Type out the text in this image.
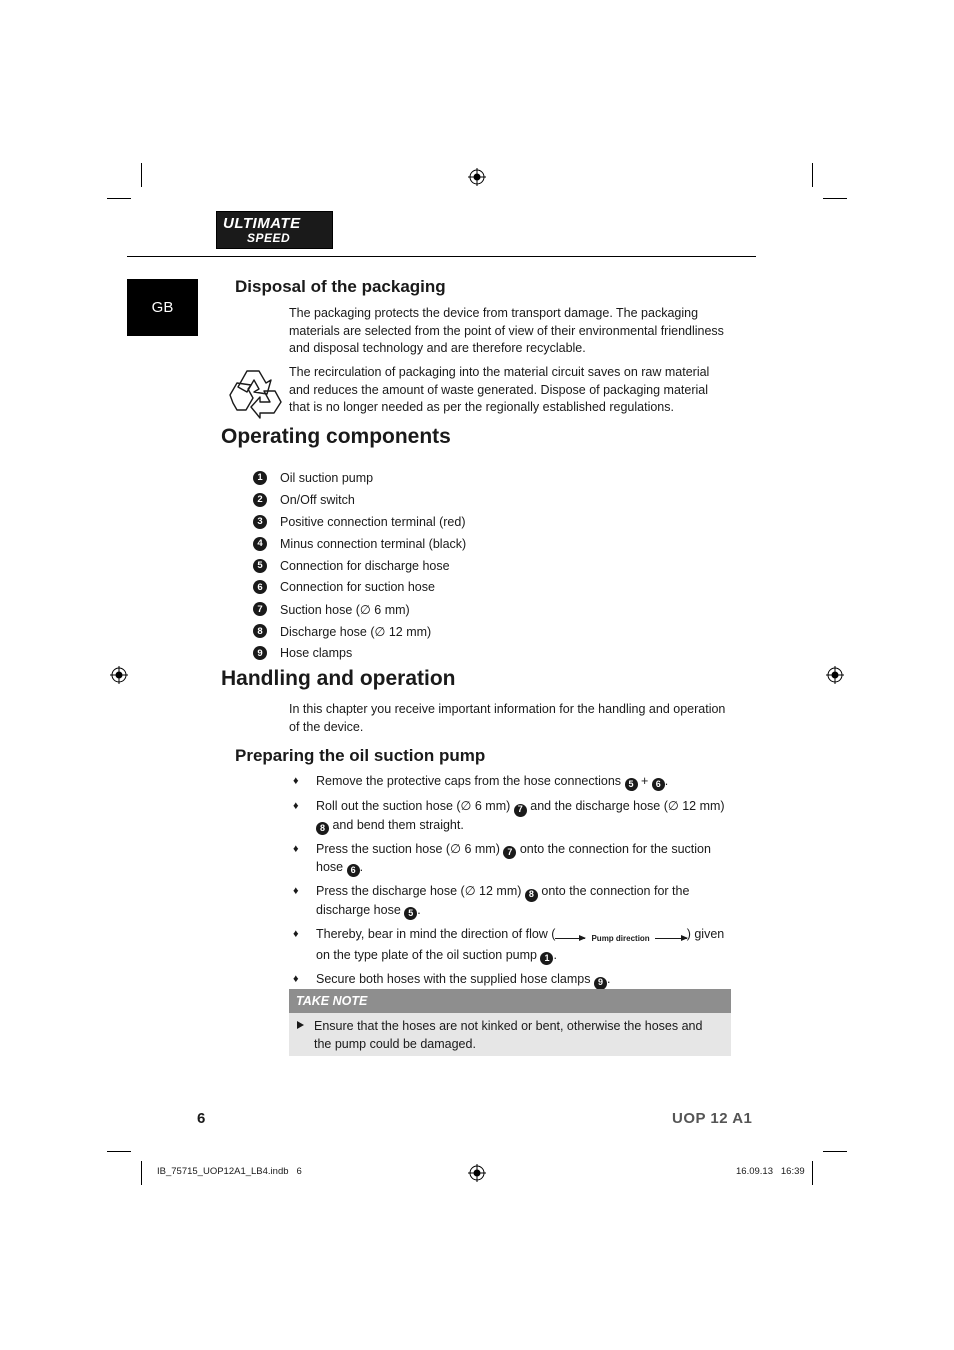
ULTIMATE
SPEED
GB
Disposal of the packaging

The packaging protects the device from transport damage. The packaging materials are selected from the point of view of their environmental friendliness and disposal technology and are therefore recyclable.

The recirculation of packaging into the material circuit saves on raw material and reduces the amount of waste generated. Dispose of packaging material that is no longer needed as per the regionally established regulations.

Operating components
1	Oil suction pump
2	On/Off switch
3	Positive connection terminal (red)
4	Minus connection terminal (black)
5	Connection for discharge hose
6	Connection for suction hose
7	Suction hose (∅ 6 mm)
8	Discharge hose (∅ 12 mm)
9	Hose clamps
Handling and operation

In this chapter you receive important information for the handling and operation of the device.

Preparing the oil suction pump
♦ Remove the protective caps from the hose connections 5 + 6 .
♦ Roll out the suction hose (∅ 6 mm) 7 and the discharge hose (∅ 12 mm) 8 and bend them straight.
♦ Press the suction hose (∅ 6 mm) 7 onto the connection for the suction hose 6 .
♦ Press the discharge hose (∅ 12 mm) 8 onto the connection for the discharge hose 5 .
♦ Thereby, bear in mind the direction of flow (	Pump direction	) given on the type plate of the oil suction pump 1 .
♦ Secure both hoses with the supplied hose clamps 9 .
TAKE NOTE
Ensure that the hoses are not kinked or bent, otherwise the hoses and the pump could be damaged.
6	UOP 12 A1
IB_75715_UOP12A1_LB4.indb   6	16.09.13   16:39
